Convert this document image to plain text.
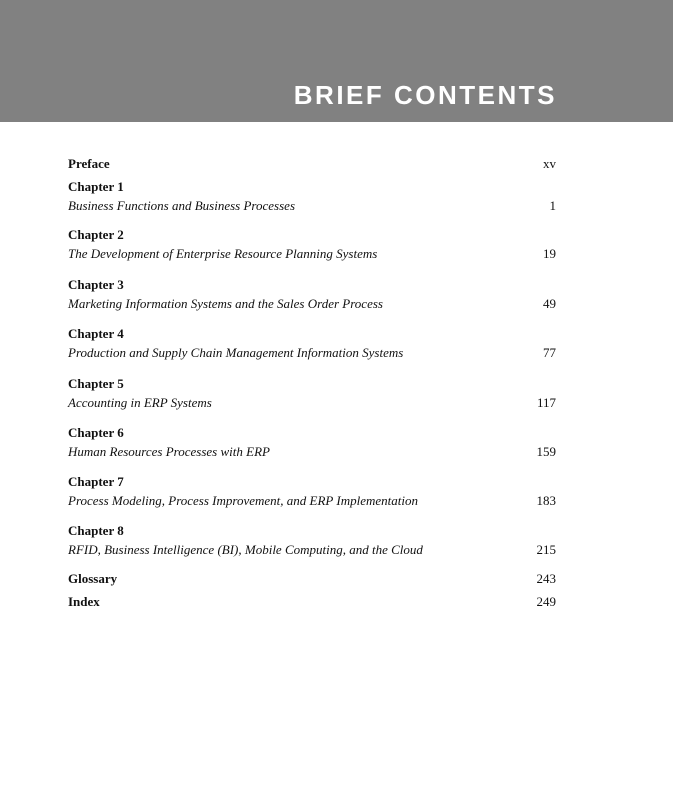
BRIEF CONTENTS
Preface	xv
Chapter 1
Business Functions and Business Processes	1
Chapter 2
The Development of Enterprise Resource Planning Systems	19
Chapter 3
Marketing Information Systems and the Sales Order Process	49
Chapter 4
Production and Supply Chain Management Information Systems	77
Chapter 5
Accounting in ERP Systems	117
Chapter 6
Human Resources Processes with ERP	159
Chapter 7
Process Modeling, Process Improvement, and ERP Implementation	183
Chapter 8
RFID, Business Intelligence (BI), Mobile Computing, and the Cloud	215
Glossary	243
Index	249
